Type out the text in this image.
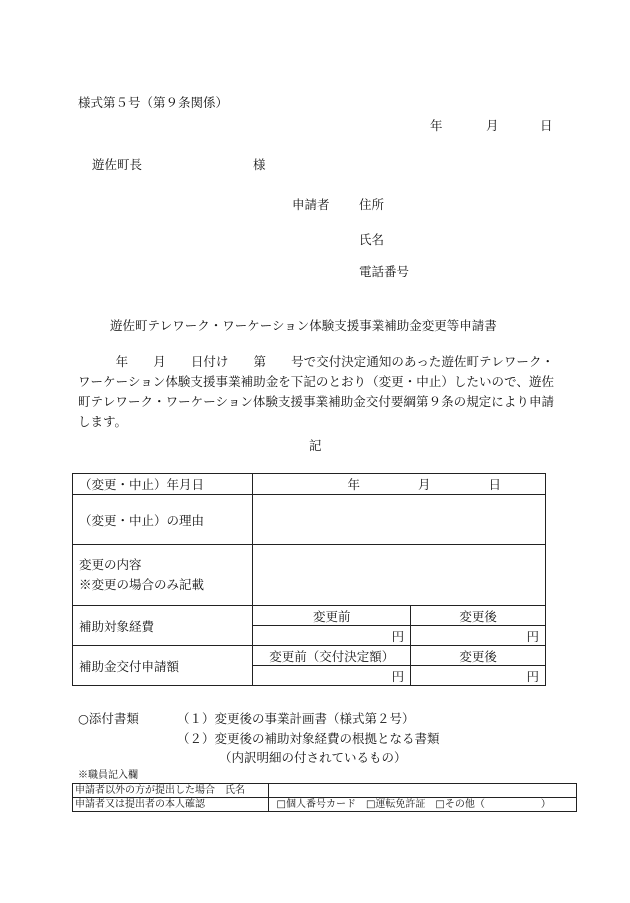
様式第５号（第９条関係）
年	月	日
遊佐町長	様
申請者 住所
氏名
電話番号
遊佐町テレワーク・ワーケーション体験支援事業補助金変更等申請書
　　　年　　月　　日付け　　第　　号で交付決定通知のあった遊佐町テレワーク・ワーケーション体験支援事業補助金を下記のとおり（変更・中止）したいので、遊佐町テレワーク・ワーケーション体験支援事業補助金交付要綱第９条の規定により申請します。
記
（変更・中止）年月日	年 月 日	

（変更・中止）の理由		

変更の内容
※変更の場合のみ記載		

補助対象経費	変更前	変更後
	円	円
補助金交付申請額	変更前（交付決定額）	変更後
	円	円
○添付書類	（１）変更後の事業計画書（様式第２号）
（２）変更後の補助対象経費の根拠となる書類
（内訳明細の付されているもの）
※職員記入欄
申請者以外の方が提出した場合　氏名	
申請者又は提出者の本人確認	□個人番号カード □運転免許証 □その他（ ）
